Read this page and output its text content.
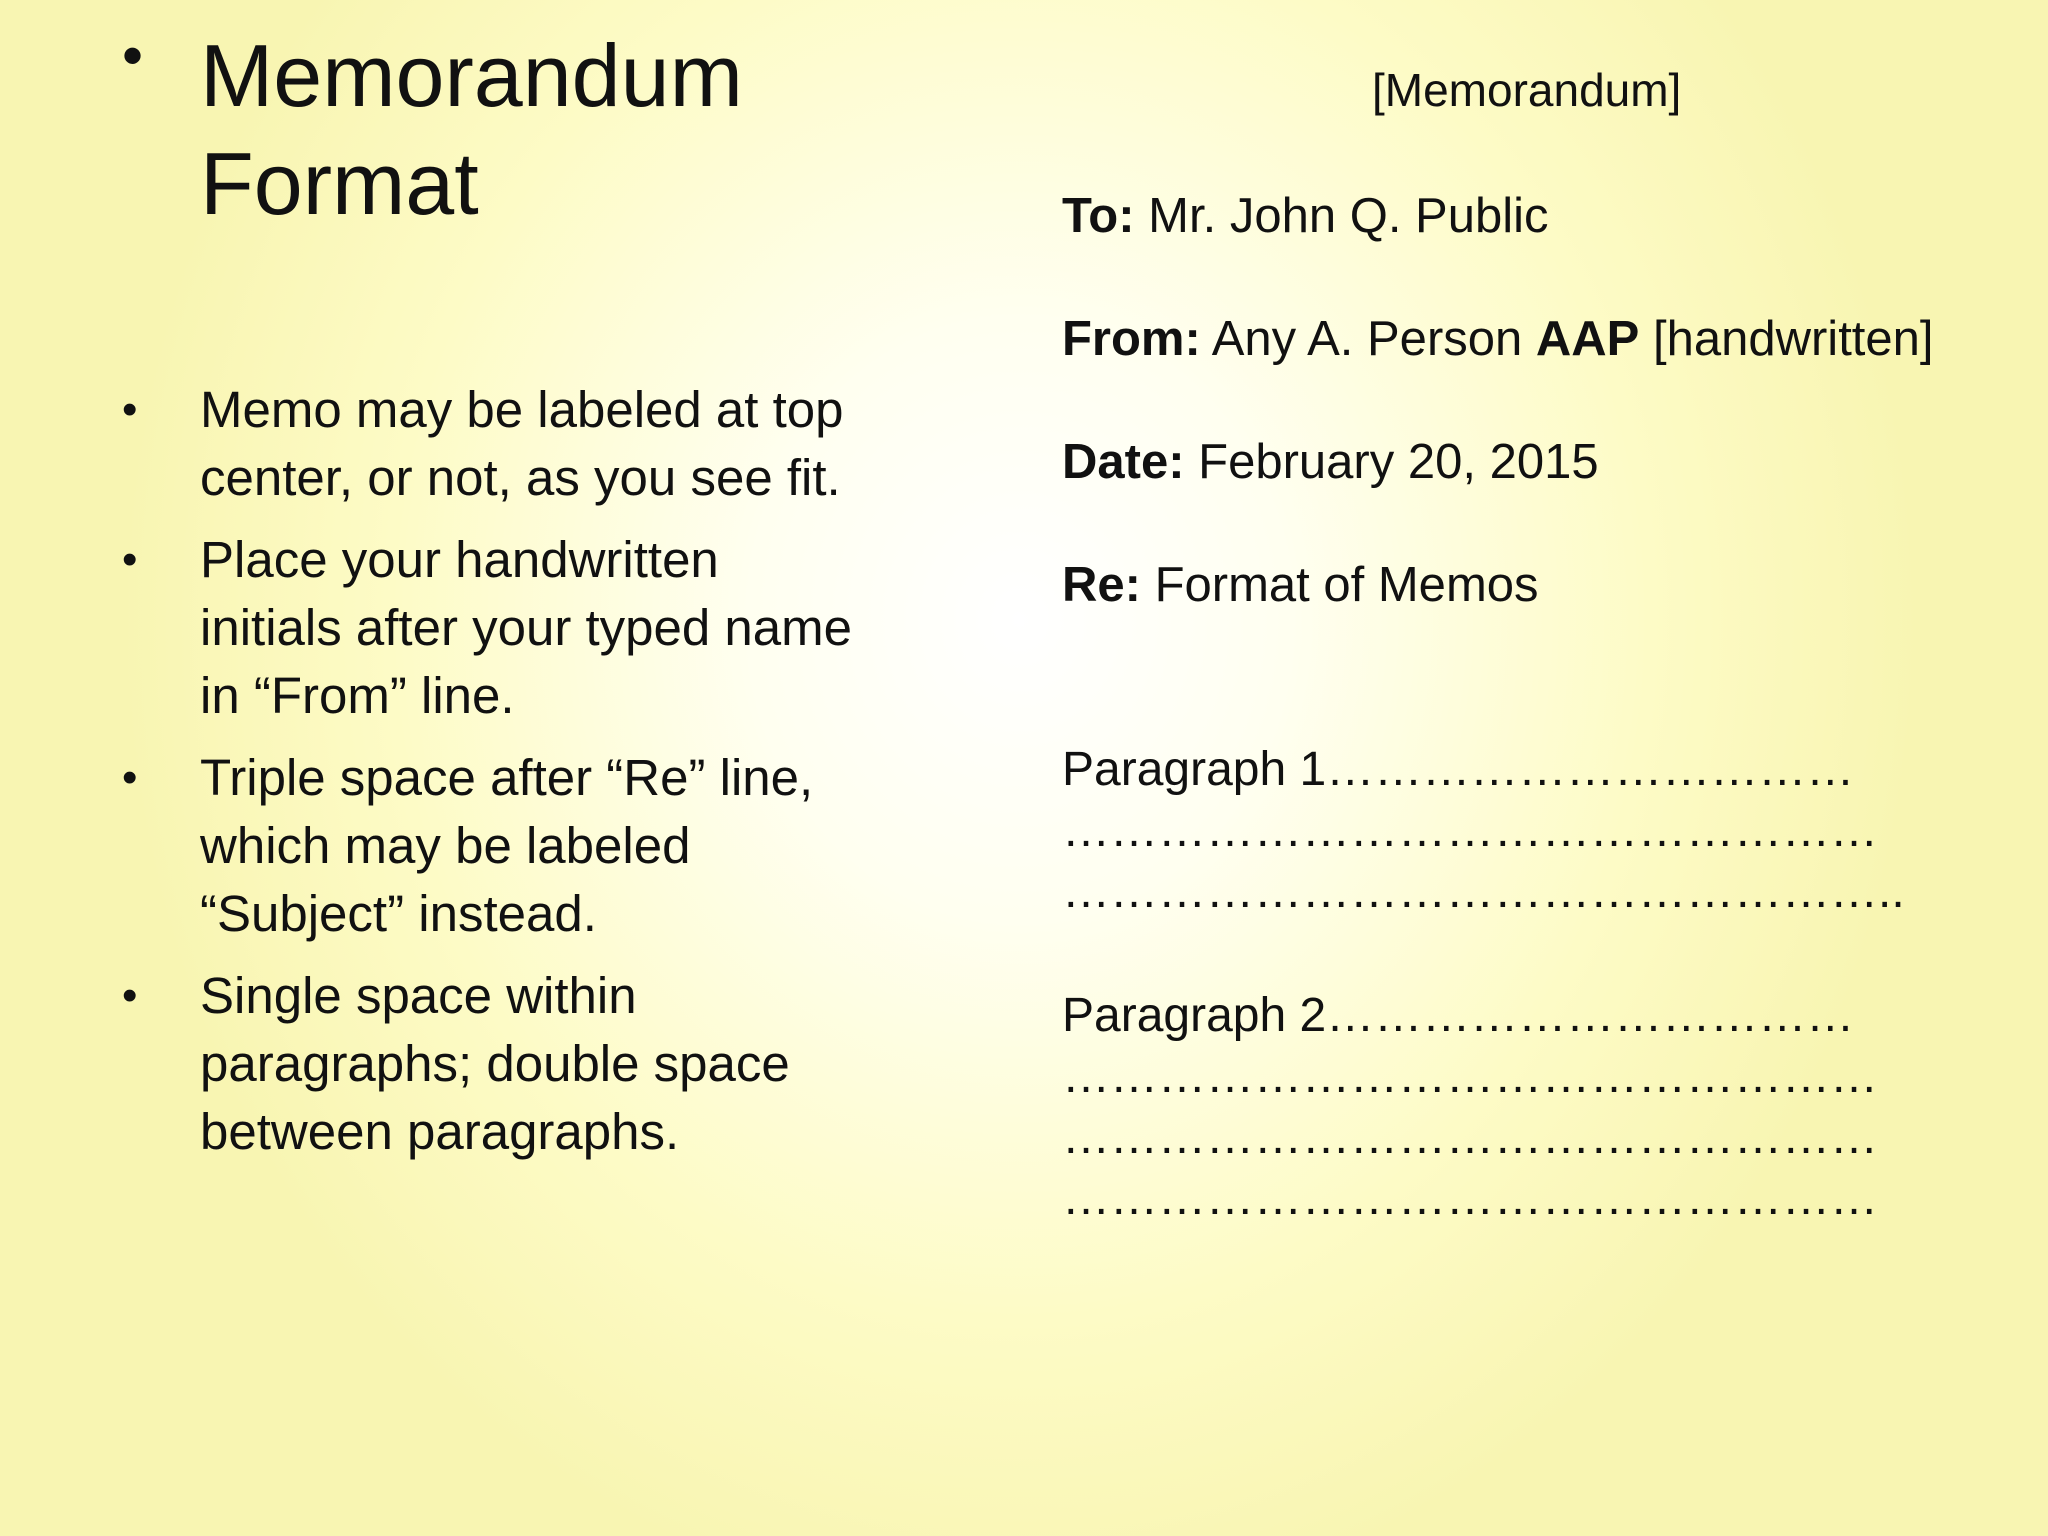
• Memorandum
Format
• Memo may be labeled at top
center, or not, as you see fit.
• Place your handwritten
initials after your typed name
in “From” line.
• Triple space after “Re” line,
which may be labeled
“Subject” instead.
• Single space within
paragraphs; double space
between paragraphs.
[Memorandum]
To: Mr. John Q. Public
From: Any A. Person AAP [handwritten]
Date: February 20, 2015
Re: Format of Memos
Paragraph 1……………………………
……………………………………………
……………………………………………..
Paragraph 2……………………………
……………………………………………
……………………………………………
……………………………………………
